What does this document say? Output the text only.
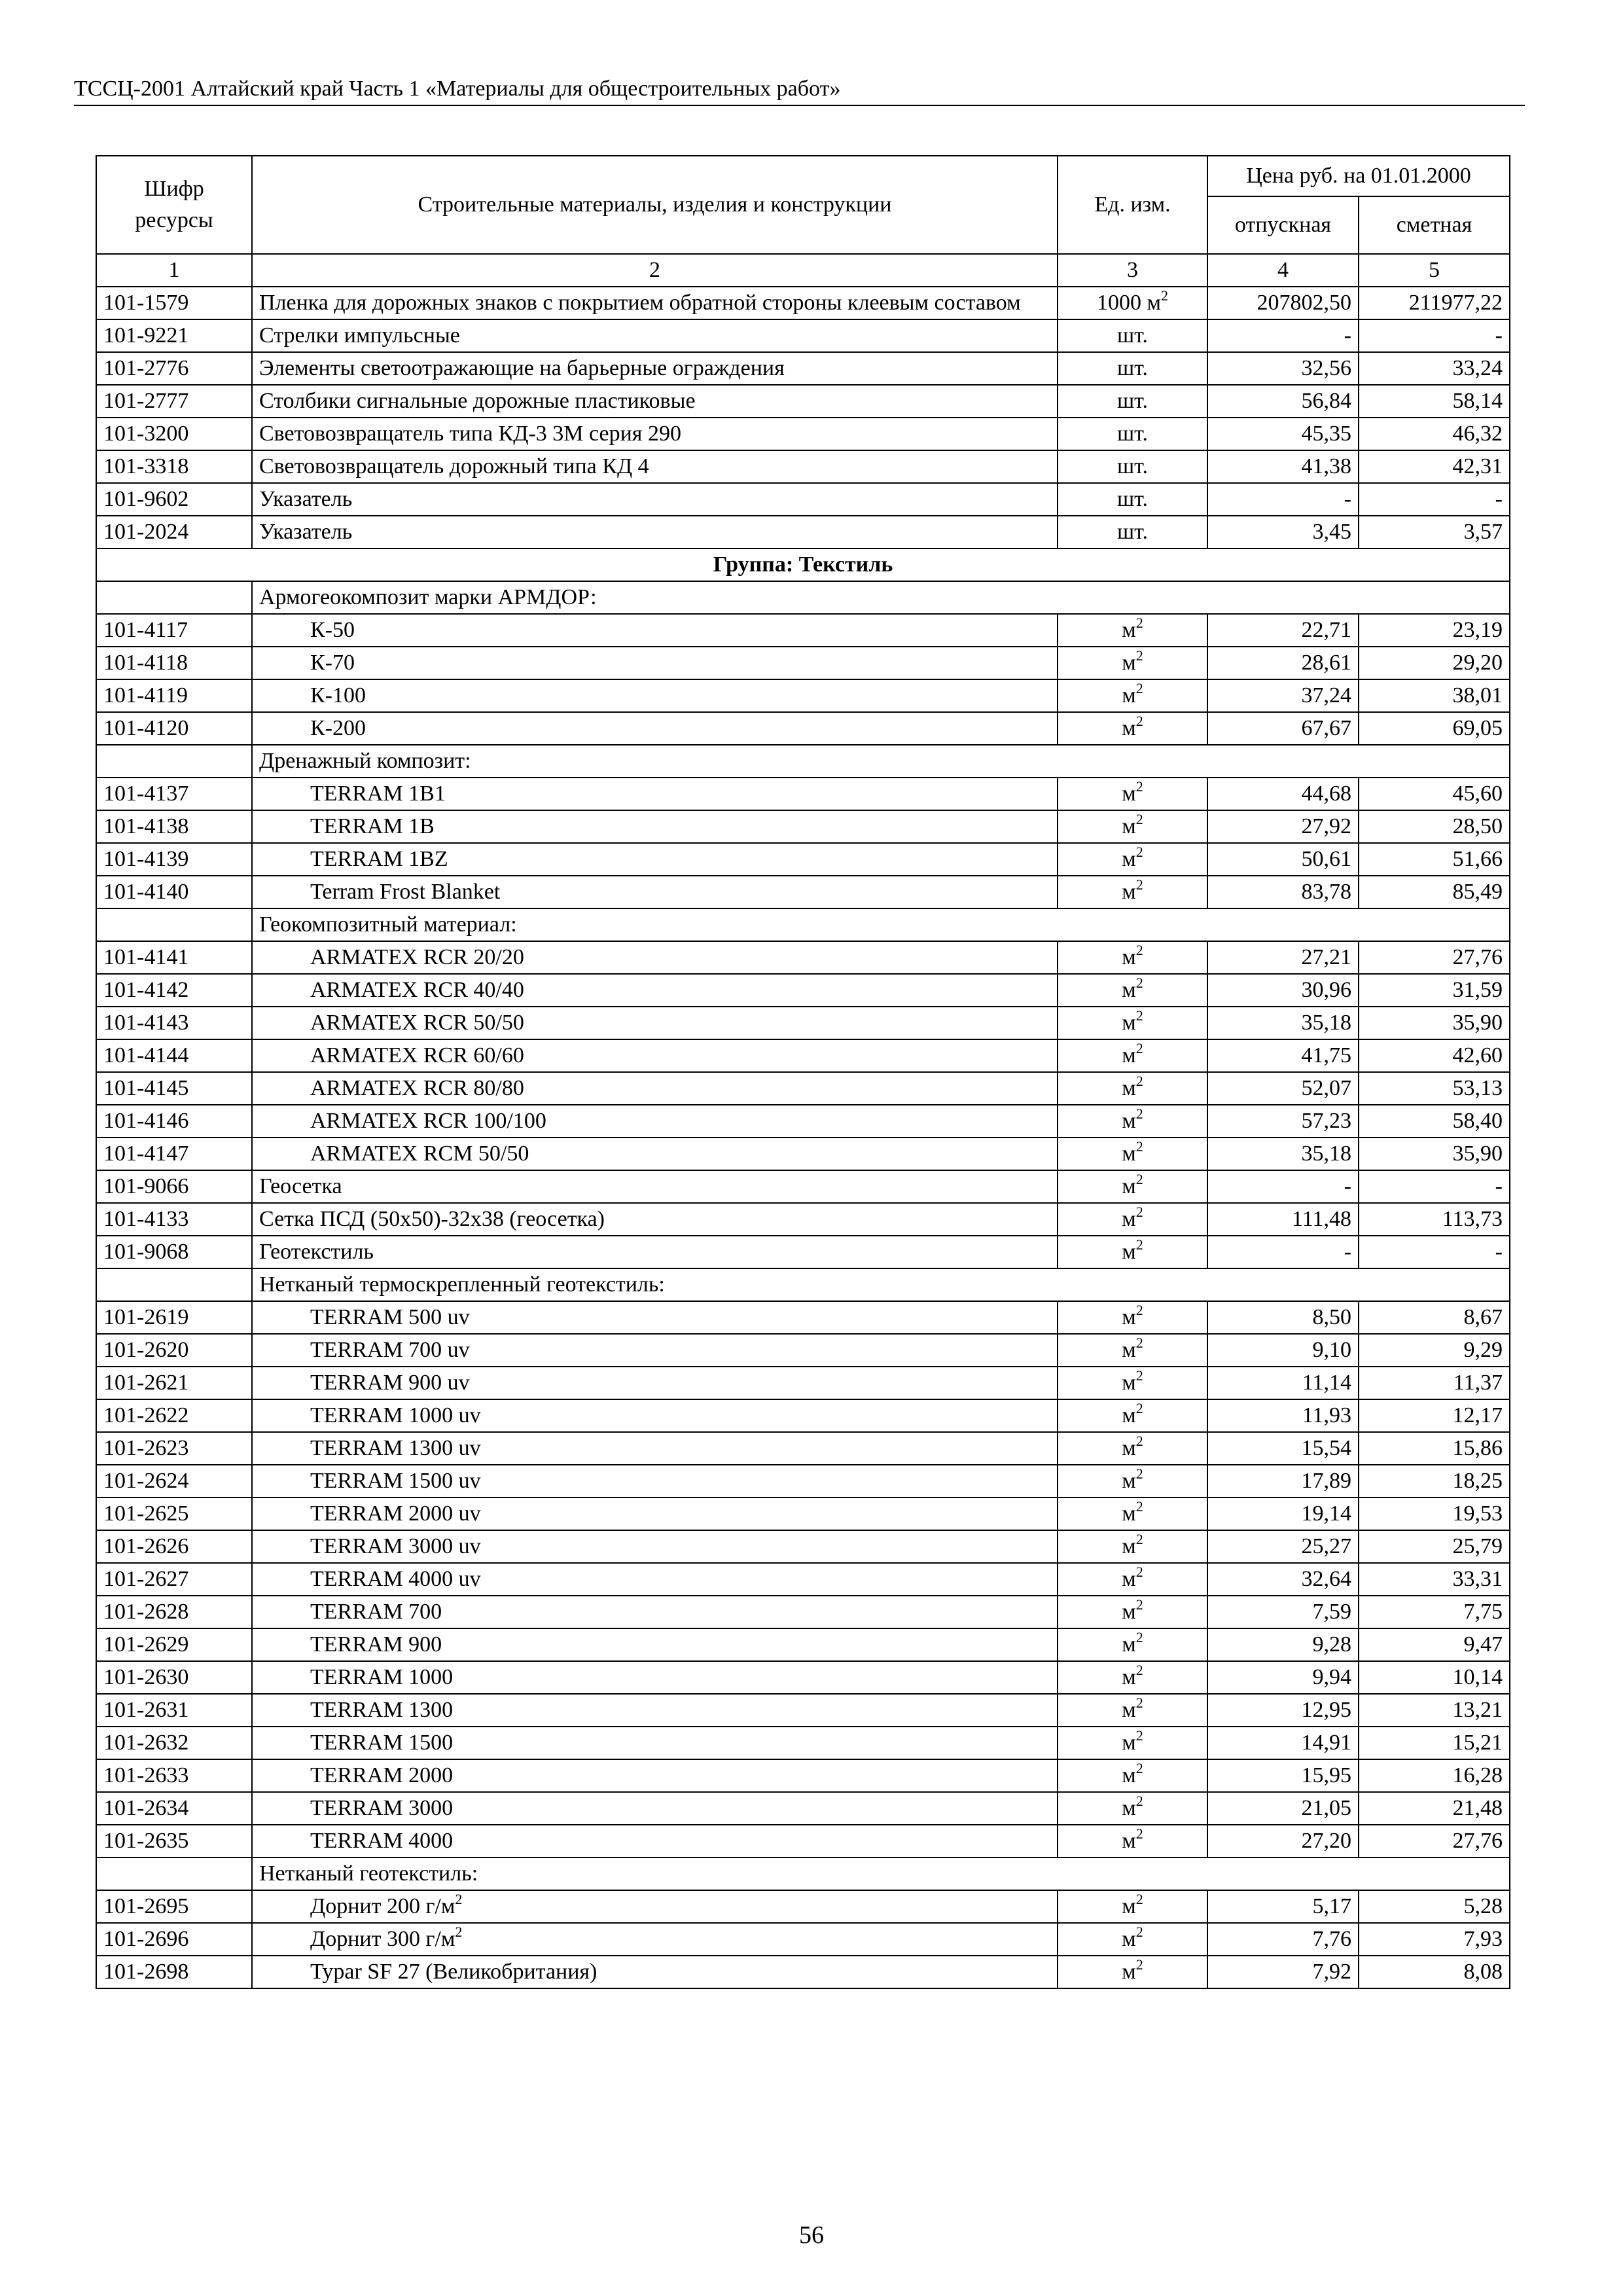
ТССЦ-2001 Алтайский край Часть 1 «Материалы для общестроительных работ»
Шифр ресурсы	Строительные материалы, изделия и конструкции	Ед. изм.	Цена руб. на 01.01.2000	
			отпускная	сметная
1	2	3	4	5
101-1579	Пленка для дорожных знаков с покрытием обратной стороны клеевым составом	1000 $м^2$	207802,50	211977,22
101-9221	Стрелки импульсные	шт.	-	-
101-2776	Элементы светоотражающие на барьерные ограждения	шт.	32,56	33,24
101-2777	Столбики сигнальные дорожные пластиковые	шт.	56,84	58,14
101-3200	Световозвращатель типа КД-3 3М серия 290	шт.	45,35	46,32
101-3318	Световозвращатель дорожный типа КД 4	шт.	41,38	42,31
101-9602	Указатель	шт.	-	-
101-2024	Указатель	шт.	3,45	3,57
Группа: Текстиль				
	Армогеокомпозит марки АРМДОР:			
101-4117	К-50	$м^2$	22,71	23,19
101-4118	К-70	$м^2$	28,61	29,20
101-4119	К-100	$м^2$	37,24	38,01
101-4120	К-200	$м^2$	67,67	69,05
	Дренажный композит:			
101-4137	TERRAM 1B1	$м^2$	44,68	45,60
101-4138	TERRAM 1B	$м^2$	27,92	28,50
101-4139	TERRAM 1BZ	$м^2$	50,61	51,66
101-4140	Terram Frost Blanket	$м^2$	83,78	85,49
	Геокомпозитный материал:			
101-4141	ARMATEX RCR 20/20	$м^2$	27,21	27,76
101-4142	ARMATEX RCR 40/40	$м^2$	30,96	31,59
101-4143	ARMATEX RCR 50/50	$м^2$	35,18	35,90
101-4144	ARMATEX RCR 60/60	$м^2$	41,75	42,60
101-4145	ARMATEX RCR 80/80	$м^2$	52,07	53,13
101-4146	ARMATEX RCR 100/100	$м^2$	57,23	58,40
101-4147	ARMATEX RCM 50/50	$м^2$	35,18	35,90
101-9066	Геосетка	$м^2$	-	-
101-4133	Сетка ПСД (50х50)-32х38 (геосетка)	$м^2$	111,48	113,73
101-9068	Геотекстиль	$м^2$	-	-
	Нетканый термоскрепленный геотекстиль:			
101-2619	TERRAM 500 uv	$м^2$	8,50	8,67
101-2620	TERRAM 700 uv	$м^2$	9,10	9,29
101-2621	TERRAM 900 uv	$м^2$	11,14	11,37
101-2622	TERRAM 1000 uv	$м^2$	11,93	12,17
101-2623	TERRAM 1300 uv	$м^2$	15,54	15,86
101-2624	TERRAM 1500 uv	$м^2$	17,89	18,25
101-2625	TERRAM 2000 uv	$м^2$	19,14	19,53
101-2626	TERRAM 3000 uv	$м^2$	25,27	25,79
101-2627	TERRAM 4000 uv	$м^2$	32,64	33,31
101-2628	TERRAM 700	$м^2$	7,59	7,75
101-2629	TERRAM 900	$м^2$	9,28	9,47
101-2630	TERRAM 1000	$м^2$	9,94	10,14
101-2631	TERRAM 1300	$м^2$	12,95	13,21
101-2632	TERRAM 1500	$м^2$	14,91	15,21
101-2633	TERRAM 2000	$м^2$	15,95	16,28
101-2634	TERRAM 3000	$м^2$	21,05	21,48
101-2635	TERRAM 4000	$м^2$	27,20	27,76
	Нетканый геотекстиль:			
101-2695	Дорнит 200 $г/м^2$	$м^2$	5,17	5,28
101-2696	Дорнит 300 $г/м^2$	$м^2$	7,76	7,93
101-2698	Typar SF 27 (Великобритания)	$м^2$	7,92	8,08
56
